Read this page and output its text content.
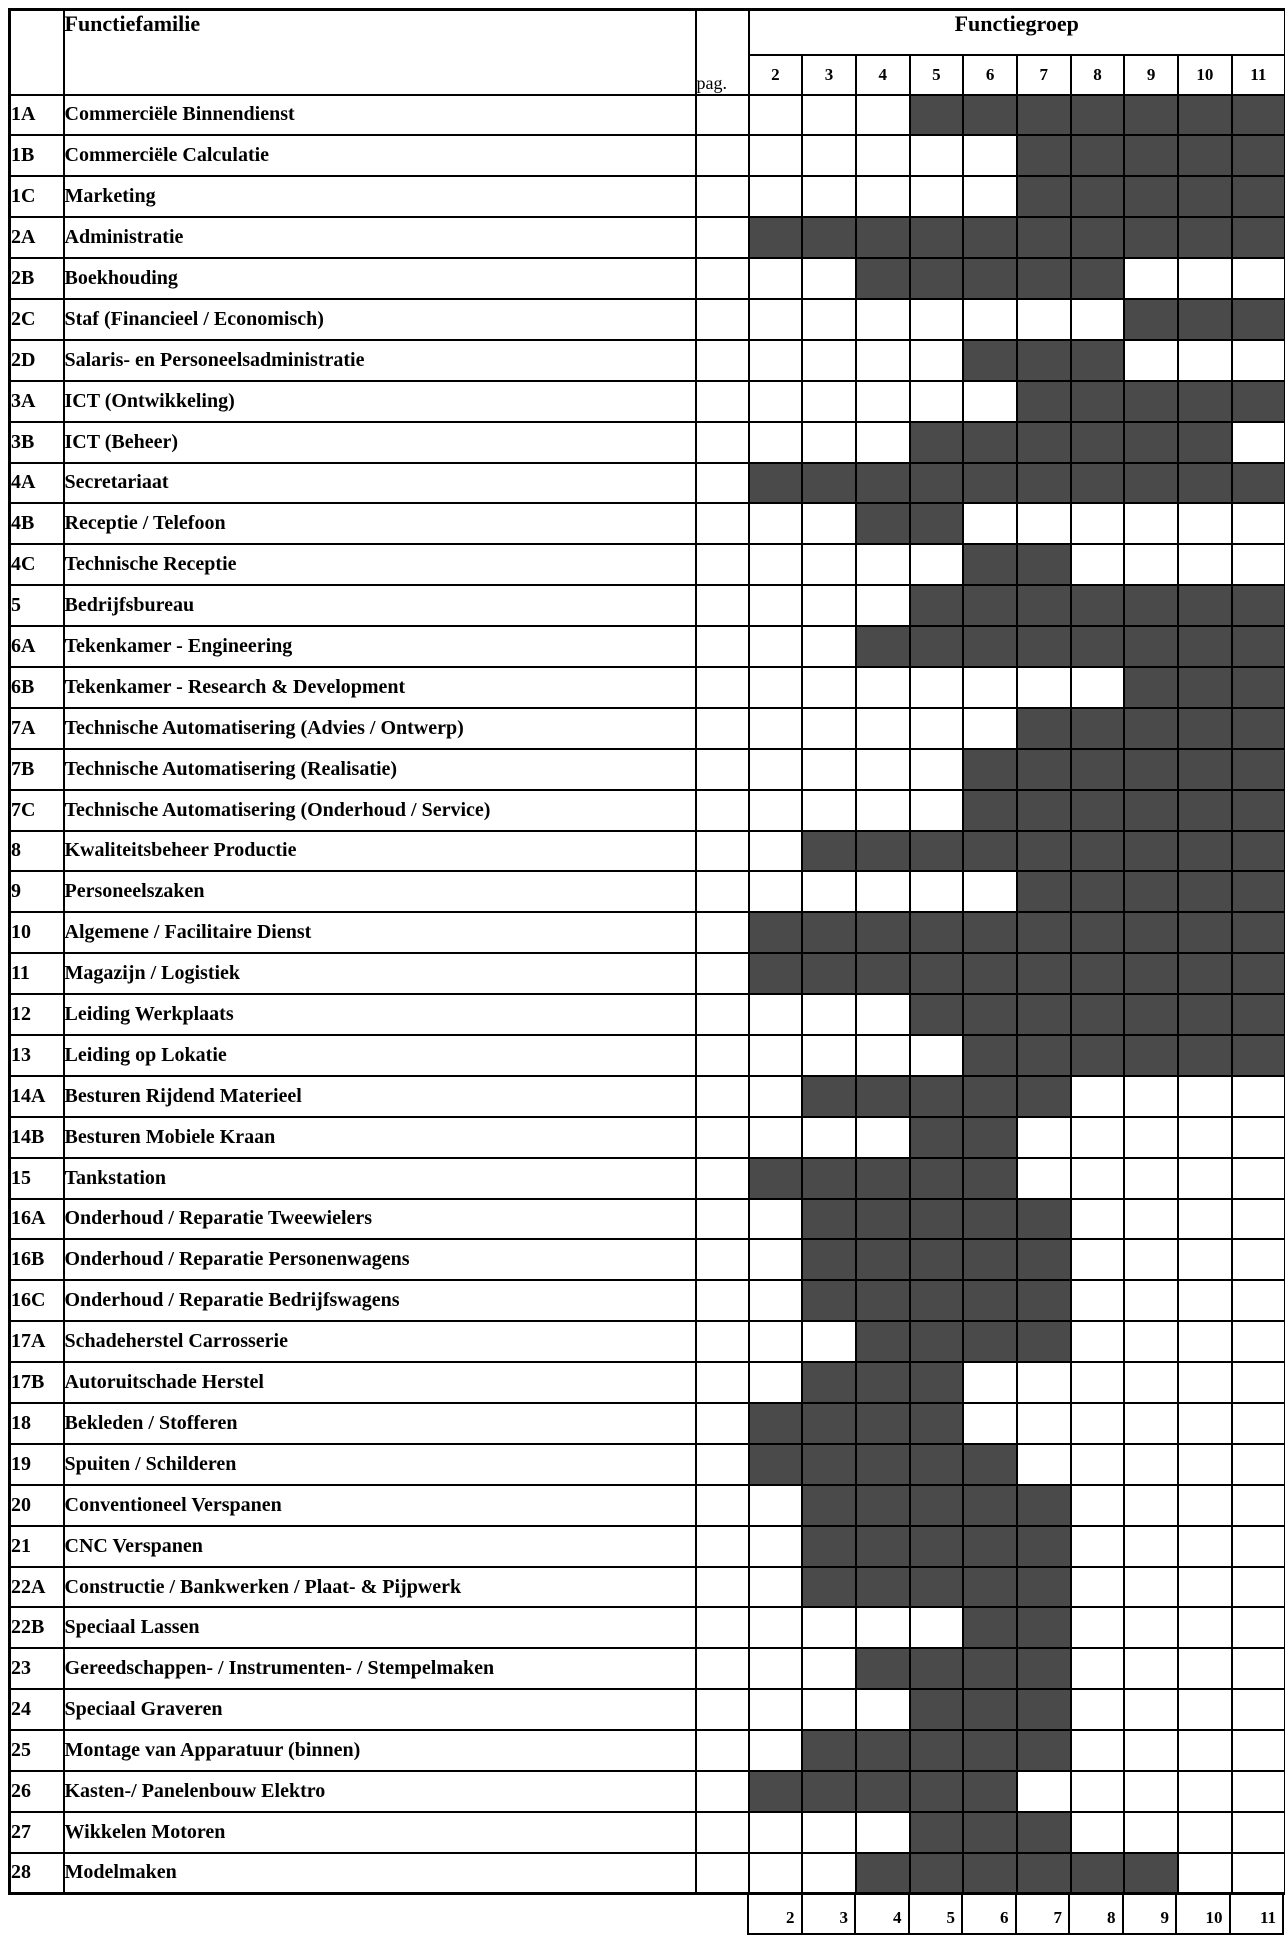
	Functiefamilie	pag.	Functiegroep									
			2	3	4	5	6	7	8	9	10	11
1A	Commerciële Binnendienst											
1B	Commerciële Calculatie											
1C	Marketing											
2A	Administratie											
2B	Boekhouding											
2C	Staf (Financieel / Economisch)											
2D	Salaris- en Personeelsadministratie											
3A	ICT (Ontwikkeling)											
3B	ICT (Beheer)											
4A	Secretariaat											
4B	Receptie / Telefoon											
4C	Technische Receptie											
5	Bedrijfsbureau											
6A	Tekenkamer - Engineering											
6B	Tekenkamer - Research & Development											
7A	Technische Automatisering (Advies / Ontwerp)											
7B	Technische Automatisering (Realisatie)											
7C	Technische Automatisering (Onderhoud / Service)											
8	Kwaliteitsbeheer Productie											
9	Personeelszaken											
10	Algemene / Facilitaire Dienst											
11	Magazijn / Logistiek											
12	Leiding Werkplaats											
13	Leiding op Lokatie											
14A	Besturen Rijdend Materieel											
14B	Besturen Mobiele Kraan											
15	Tankstation											
16A	Onderhoud / Reparatie Tweewielers											
16B	Onderhoud / Reparatie Personenwagens											
16C	Onderhoud / Reparatie Bedrijfswagens											
17A	Schadeherstel Carrosserie											
17B	Autoruitschade Herstel											
18	Bekleden / Stofferen											
19	Spuiten / Schilderen											
20	Conventioneel Verspanen											
21	CNC Verspanen											
22A	Constructie / Bankwerken / Plaat- & Pijpwerk											
22B	Speciaal Lassen											
23	Gereedschappen- / Instrumenten- / Stempelmaken											
24	Speciaal Graveren											
25	Montage van Apparatuur (binnen)											
26	Kasten-/ Panelenbouw Elektro											
27	Wikkelen Motoren											
28	Modelmaken											
2	3	4	5	6	7	8	9	10	11
